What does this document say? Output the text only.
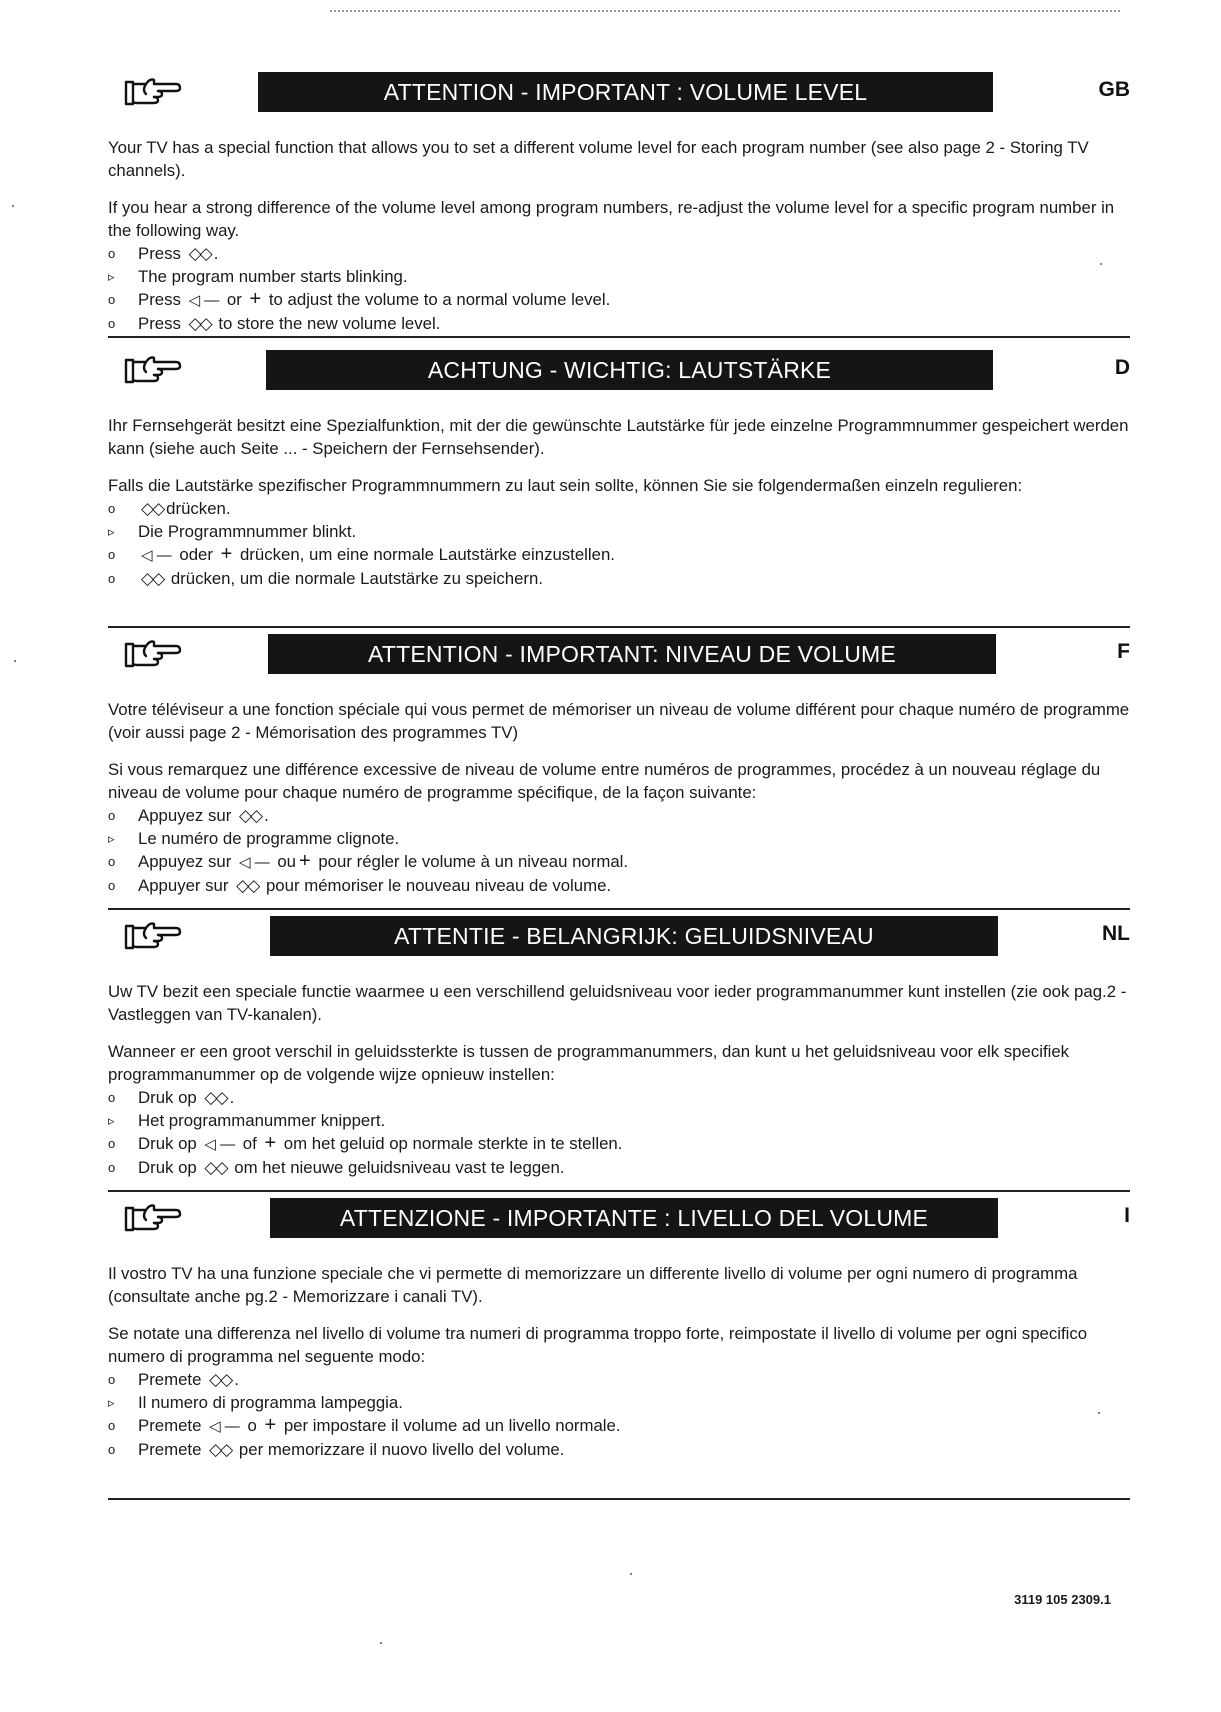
ATTENTION - IMPORTANT : VOLUME LEVEL	GB

Your TV has a special function that allows you to set a different volume level for each program number (see also page 2 - Storing TV channels).

If you hear a strong difference of the volume level among program numbers, re-adjust the volume level for a specific program number in the following way.

o	Press ◇◇ .
▹	The program number starts blinking.
o	Press ◁ — or + to adjust the volume to a normal volume level.
o	Press ◇◇ to store the new volume level.
ACHTUNG - WICHTIG: LAUTSTÄRKE	D

Ihr Fernsehgerät besitzt eine Spezialfunktion, mit der die gewünschte Lautstärke für jede einzelne Programmnummer gespeichert werden kann (siehe auch Seite ... - Speichern der Fernsehsender).

Falls die Lautstärke spezifischer Programmnummern zu laut sein sollte, können Sie sie folgendermaßen einzeln regulieren:

o	◇◇ drücken.
▹	Die Programmnummer blinkt.
o	◁ — oder + drücken, um eine normale Lautstärke einzustellen.
o	◇◇ drücken, um die normale Lautstärke zu speichern.
ATTENTION - IMPORTANT: NIVEAU DE VOLUME	F

Votre téléviseur a une fonction spéciale qui vous permet de mémoriser un niveau de volume différent pour chaque numéro de programme (voir aussi page 2 - Mémorisation des programmes TV)

Si vous remarquez une différence excessive de niveau de volume entre numéros de programmes, procédez à un nouveau réglage du niveau de volume pour chaque numéro de programme spécifique, de la façon suivante:

o	Appuyez sur ◇◇ .
▹	Le numéro de programme clignote.
o	Appuyez sur ◁ — ou + pour régler le volume à un niveau normal.
o	Appuyer sur ◇◇ pour mémoriser le nouveau niveau de volume.
ATTENTIE - BELANGRIJK: GELUIDSNIVEAU	NL

Uw TV bezit een speciale functie waarmee u een verschillend geluidsniveau voor ieder programmanummer kunt instellen (zie ook pag.2 - Vastleggen van TV-kanalen).

Wanneer er een groot verschil in geluidssterkte is tussen de programmanummers, dan kunt u het geluidsniveau voor elk specifiek programmanummer op de volgende wijze opnieuw instellen:

o	Druk op ◇◇ .
▹	Het programmanummer knippert.
o	Druk op ◁ — of + om het geluid op normale sterkte in te stellen.
o	Druk op ◇◇ om het nieuwe geluidsniveau vast te leggen.
ATTENZIONE - IMPORTANTE : LIVELLO DEL VOLUME	I

Il vostro TV ha una funzione speciale che vi permette di memorizzare un differente livello di volume per ogni numero di programma (consultate anche pg.2 - Memorizzare i canali TV).

Se notate una differenza nel livello di volume tra numeri di programma troppo forte, reimpostate il livello di volume per ogni specifico numero di programma nel seguente modo:

o	Premete ◇◇ .
▹	Il numero di programma lampeggia.
o	Premete ◁ — o + per impostare il volume ad un livello normale.
o	Premete ◇◇ per memorizzare il nuovo livello del volume.
3119 105 2309.1
